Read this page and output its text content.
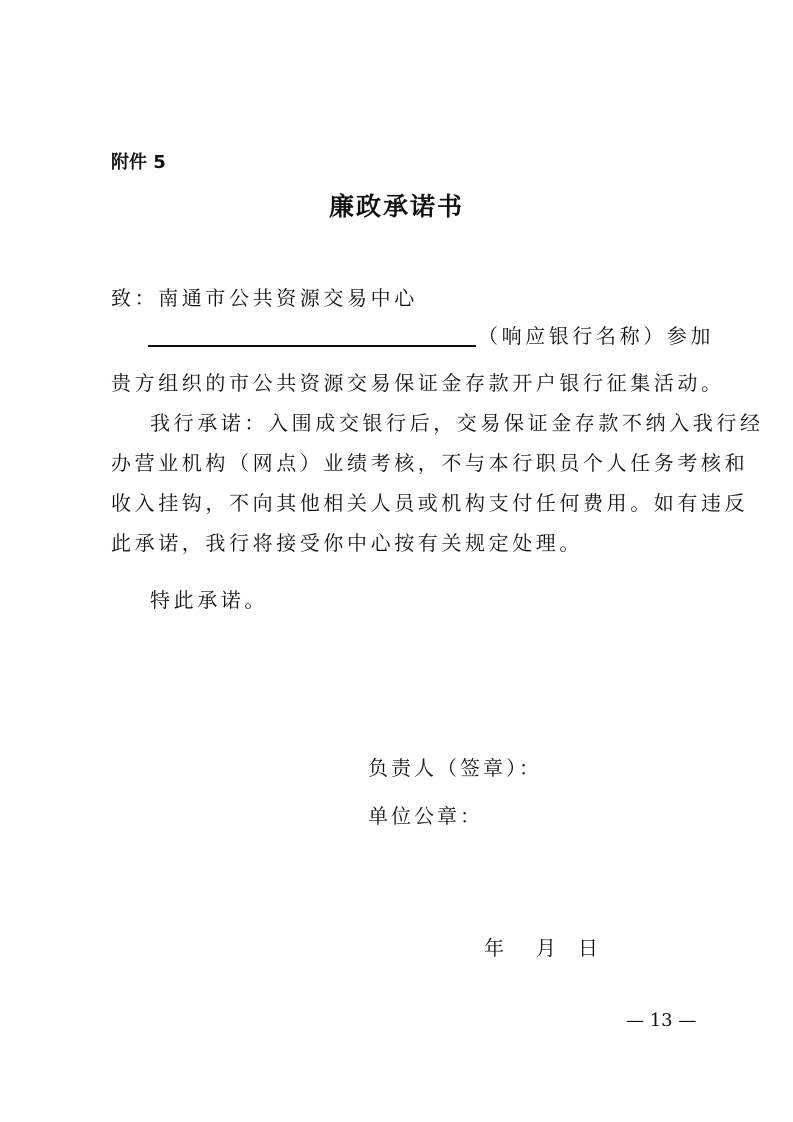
附件 5
廉政承诺书
致：南通市公共资源交易中心
（响应银行名称）参加
贵方组织的市公共资源交易保证金存款开户银行征集活动。
我行承诺：入围成交银行后，交易保证金存款不纳入我行经
办营业机构（网点）业绩考核，不与本行职员个人任务考核和
收入挂钩，不向其他相关人员或机构支付任何费用。如有违反
此承诺，我行将接受你中心按有关规定处理。
特此承诺。
负责人（签章）：
单位公章：
年 月 日
— 13 —
